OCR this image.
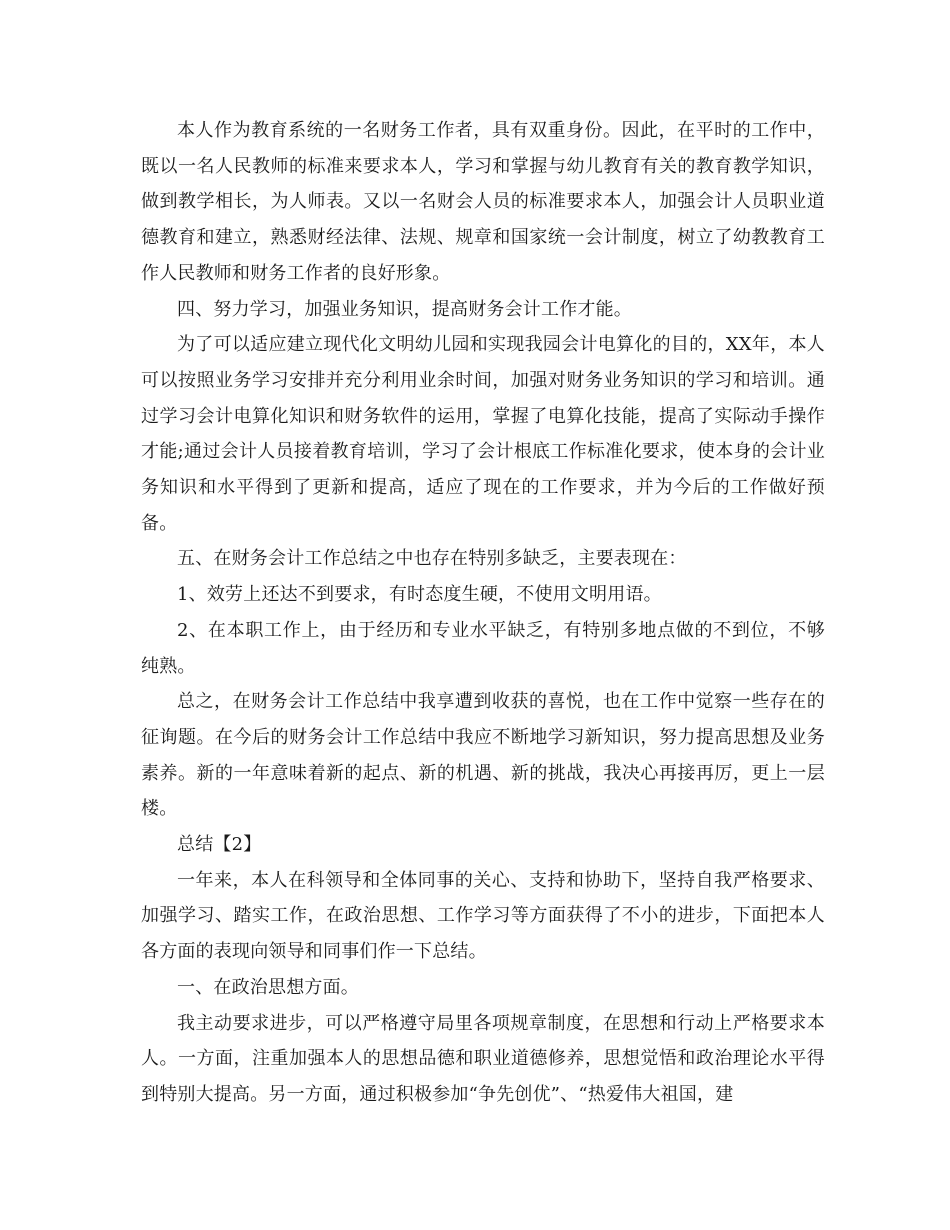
本人作为教育系统的一名财务工作者，具有双重身份。因此，在平时的工作中，既以一名人民教师的标准来要求本人，学习和掌握与幼儿教育有关的教育教学知识，做到教学相长，为人师表。又以一名财会人员的标准要求本人，加强会计人员职业道德教育和建立，熟悉财经法律、法规、规章和国家统一会计制度，树立了幼教教育工作人民教师和财务工作者的良好形象。

四、努力学习，加强业务知识，提高财务会计工作才能。

为了可以适应建立现代化文明幼儿园和实现我园会计电算化的目的，XX年，本人可以按照业务学习安排并充分利用业余时间，加强对财务业务知识的学习和培训。通过学习会计电算化知识和财务软件的运用，掌握了电算化技能，提高了实际动手操作才能;通过会计人员接着教育培训，学习了会计根底工作标准化要求，使本身的会计业务知识和水平得到了更新和提高，适应了现在的工作要求，并为今后的工作做好预备。

五、在财务会计工作总结之中也存在特别多缺乏，主要表现在：

1、效劳上还达不到要求，有时态度生硬，不使用文明用语。

2、在本职工作上，由于经历和专业水平缺乏，有特别多地点做的不到位，不够纯熟。

总之，在财务会计工作总结中我享遭到收获的喜悦，也在工作中觉察一些存在的征询题。在今后的财务会计工作总结中我应不断地学习新知识，努力提高思想及业务素养。新的一年意味着新的起点、新的机遇、新的挑战，我决心再接再厉，更上一层楼。

总结【2】

一年来，本人在科领导和全体同事的关心、支持和协助下，坚持自我严格要求、加强学习、踏实工作，在政治思想、工作学习等方面获得了不小的进步，下面把本人各方面的表现向领导和同事们作一下总结。

一、在政治思想方面。

我主动要求进步，可以严格遵守局里各项规章制度，在思想和行动上严格要求本人。一方面，注重加强本人的思想品德和职业道德修养，思想觉悟和政治理论水平得到特别大提高。另一方面，通过积极参加“争先创优”、“热爱伟大祖国，建
